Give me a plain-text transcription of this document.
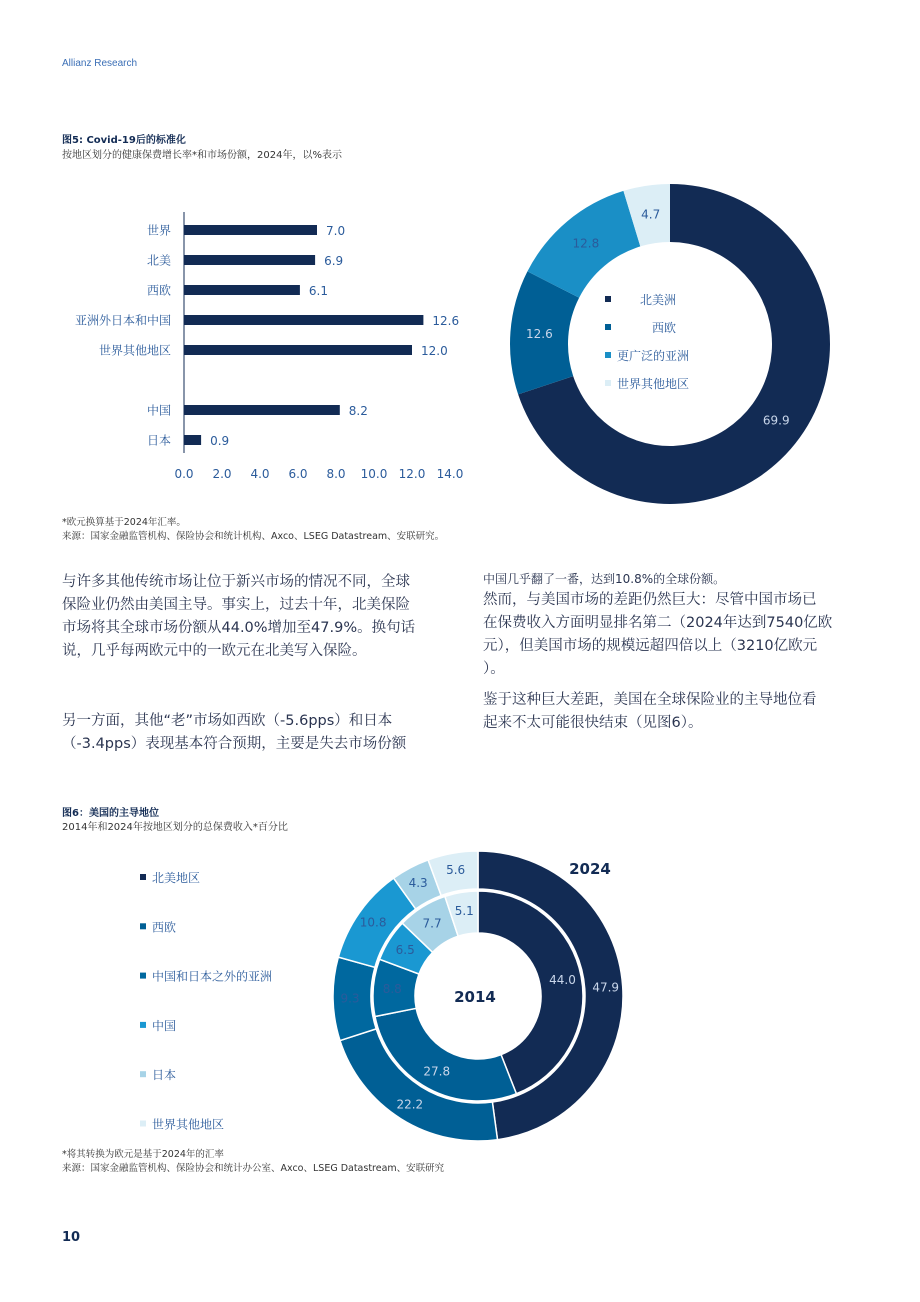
Allianz Research
图5: Covid-19后的标准化
按地区划分的健康保费增长率*和市场份额，2024年，以%表示
世界	7.0
北美	6.9
西欧	6.1
亚洲外日本和中国	12.6
世界其他地区	12.0
中国	8.2
日本	0.9
0.0 2.0 4.0 6.0 8.0 10.0 12.0 14.0
69.9
12.6
12.8
4.7
北美洲
西欧
更广泛的亚洲
世界其他地区
*欧元换算基于2024年汇率。
来源：国家金融监管机构、保险协会和统计机构、Axco、LSEG Datastream、安联研究。
与许多其他传统市场让位于新兴市场的情况不同，全球
保险业仍然由美国主导。事实上，过去十年，北美保险
市场将其全球市场份额从44.0%增加至47.9%。换句话
说，几乎每两欧元中的一欧元在北美写入保险。
另一方面，其他“老”市场如西欧（-5.6pps）和日本
（-3.4pps）表现基本符合预期，主要是失去市场份额
中国几乎翻了一番，达到10.8%的全球份额。
然而，与美国市场的差距仍然巨大：尽管中国市场已
在保费收入方面明显排名第二（2024年达到7540亿欧
元），但美国市场的规模远超四倍以上（3210亿欧元
）。
鉴于这种巨大差距，美国在全球保险业的主导地位看
起来不太可能很快结束（见图6）。
图6：美国的主导地位
2014年和2024年按地区划分的总保费收入*百分比
北美地区
西欧
中国和日本之外的亚洲
中国
日本
世界其他地区
47.9
22.2
9.3
10.8
4.3
5.6
44.0
27.8
8.8
6.5
7.7
5.1
2024
2014
*将其转换为欧元是基于2024年的汇率
来源：国家金融监管机构、保险协会和统计办公室、Axco、LSEG Datastream、安联研究
10
